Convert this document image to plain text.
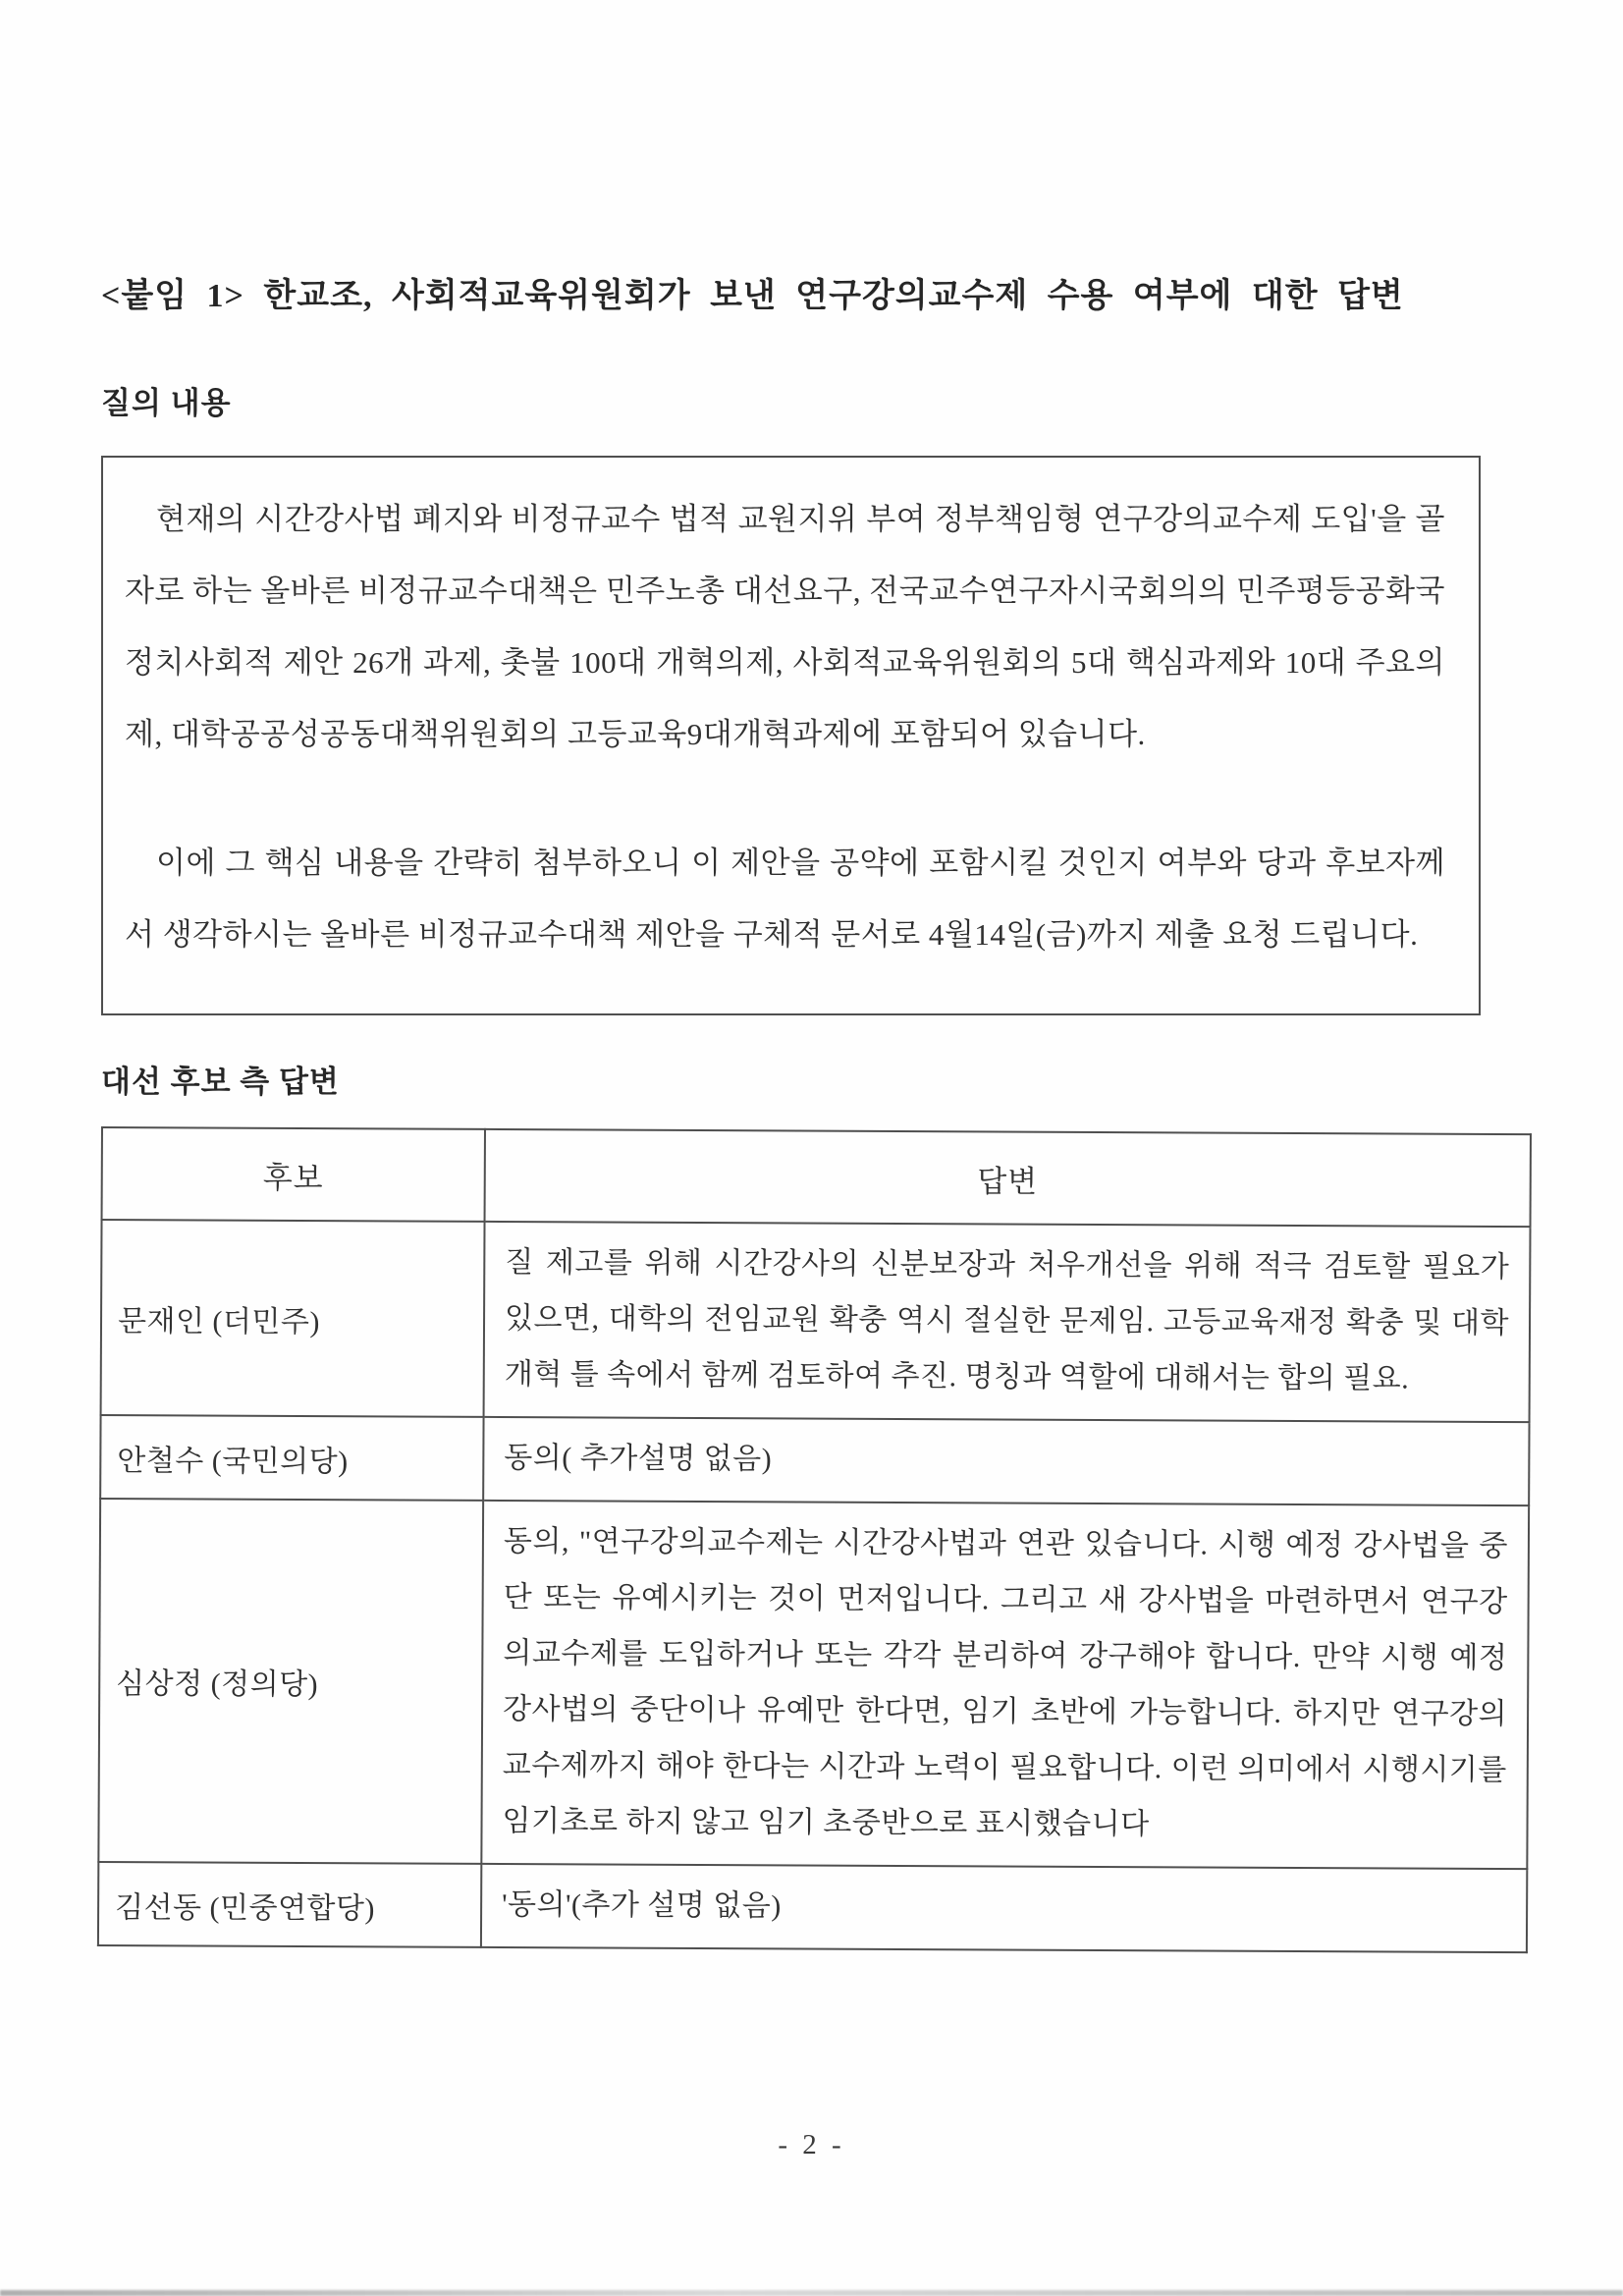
<붙임 1> 한교조, 사회적교육위원회가 보낸 연구강의교수제 수용 여부에 대한 답변
질의 내용

현재의 시간강사법 폐지와 비정규교수 법적 교원지위 부여 정부책임형 연구강의교수제 도입'을 골자로 하는 올바른 비정규교수대책은 민주노총 대선요구, 전국교수연구자시국회의의 민주평등공화국 정치사회적 제안 26개 과제, 촛불 100대 개혁의제, 사회적교육위원회의 5대 핵심과제와 10대 주요의제, 대학공공성공동대책위원회의 고등교육9대개혁과제에 포함되어 있습니다.

이에 그 핵심 내용을 간략히 첨부하오니 이 제안을 공약에 포함시킬 것인지 여부와 당과 후보자께서 생각하시는 올바른 비정규교수대책 제안을 구체적 문서로 4월14일(금)까지 제출 요청 드립니다.

대선 후보 측 답변
후보	답변
문재인 (더민주)	질 제고를 위해 시간강사의 신분보장과 처우개선을 위해 적극 검토할 필요가 있으면, 대학의 전임교원 확충 역시 절실한 문제임. 고등교육재정 확충 및 대학 개혁 틀 속에서 함께 검토하여 추진. 명칭과 역할에 대해서는 합의 필요.
안철수 (국민의당)	동의( 추가설명 없음)
심상정 (정의당)	동의, "연구강의교수제는 시간강사법과 연관 있습니다. 시행 예정 강사법을 중단 또는 유예시키는 것이 먼저입니다. 그리고 새 강사법을 마련하면서 연구강의교수제를 도입하거나 또는 각각 분리하여 강구해야 합니다. 만약 시행 예정 강사법의 중단이나 유예만 한다면, 임기 초반에 가능합니다. 하지만 연구강의교수제까지 해야 한다는 시간과 노력이 필요합니다. 이런 의미에서 시행시기를 임기초로 하지 않고 임기 초중반으로 표시했습니다
김선동 (민중연합당)	'동의'(추가 설명 없음)
- 2 -
